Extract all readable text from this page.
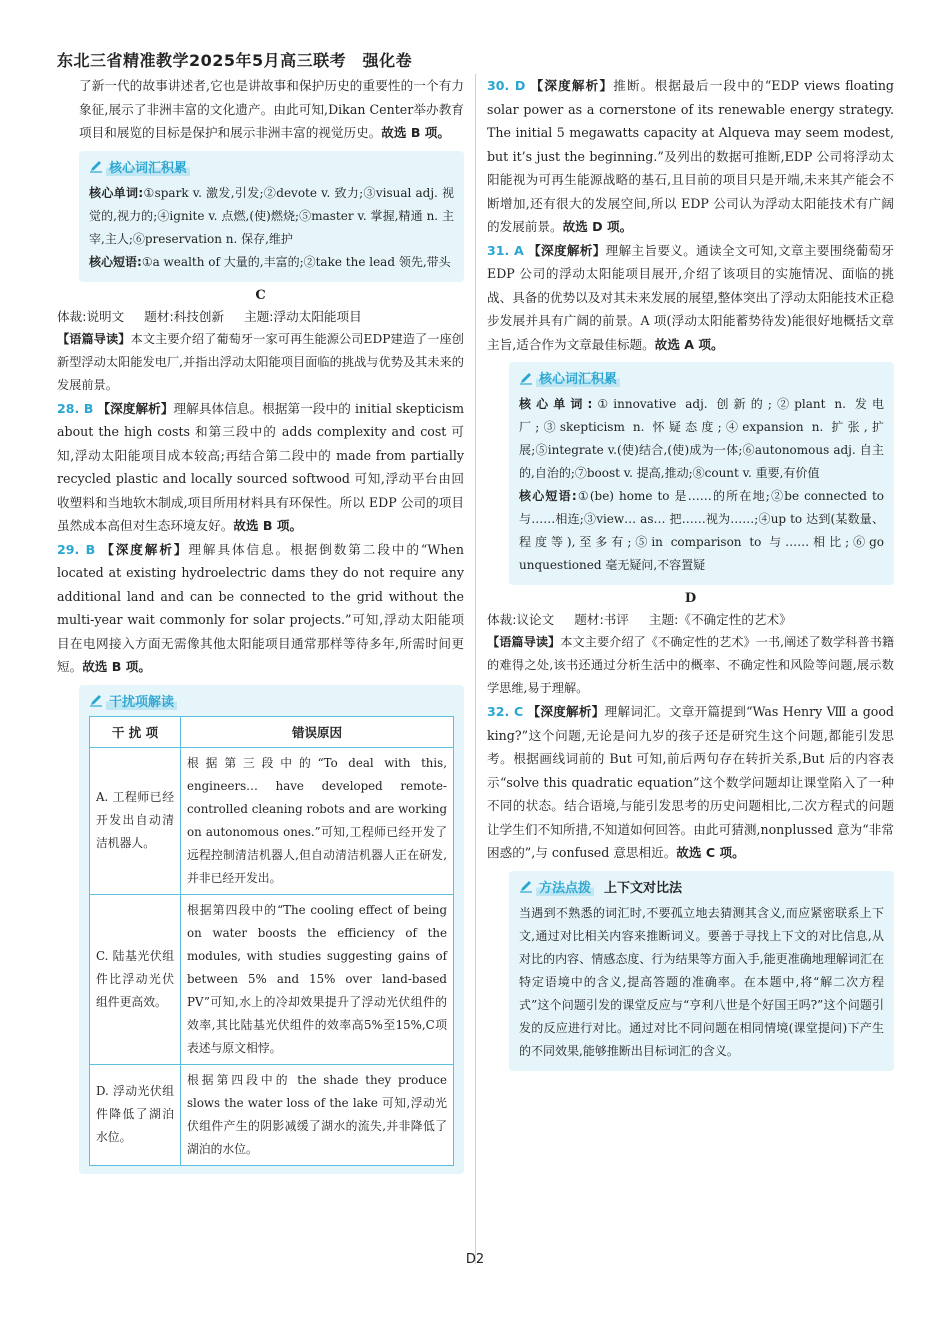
东北三省精准教学2025年5月高三联考　强化卷

了新一代的故事讲述者,它也是讲故事和保护历史的重要性的一个有力象征,展示了非洲丰富的文化遗产。由此可知,Dikan Center举办教育项目和展览的目标是保护和展示非洲丰富的视觉历史。故选 B 项。

核心词汇积累

核心单词:①spark v. 激发,引发;②devote v. 致力;③visual adj. 视觉的,视力的;④ignite v. 点燃,(使)燃烧;⑤master v. 掌握,精通 n. 主宰,主人;⑥preservation n. 保存,维护

核心短语:①a wealth of 大量的,丰富的;②take the lead 领先,带头

C

体裁:说明文 题材:科技创新 主题:浮动太阳能项目

【语篇导读】本文主要介绍了葡萄牙一家可再生能源公司EDP建造了一座创新型浮动太阳能发电厂,并指出浮动太阳能项目面临的挑战与优势及其未来的发展前景。

28. B 【深度解析】理解具体信息。根据第一段中的 initial skepticism about the high costs 和第三段中的 adds complexity and cost 可知,浮动太阳能项目成本较高;再结合第二段中的 made from partially recycled plastic and locally sourced softwood 可知,浮动平台由回收塑料和当地软木制成,项目所用材料具有环保性。所以 EDP 公司的项目虽然成本高但对生态环境友好。故选 B 项。

29. B 【深度解析】理解具体信息。根据倒数第二段中的“When located at existing hydroelectric dams they do not require any additional land and can be connected to the grid without the multi-year wait commonly for solar projects.”可知,浮动太阳能项目在电网接入方面无需像其他太阳能项目通常那样等待多年,所需时间更短。故选 B 项。

干扰项解读
干 扰 项	错误原因
A. 工程师已经开发出自动清洁机器人。	根据第三段中的“To deal with this, engineers… have developed remote-controlled cleaning robots and are working on autonomous ones.”可知,工程师已经开发了远程控制清洁机器人,但自动清洁机器人正在研发,并非已经开发出。
C. 陆基光伏组件比浮动光伏组件更高效。	根据第四段中的“The cooling effect of being on water boosts the efficiency of the modules, with studies suggesting gains of between 5% and 15% over land-based PV”可知,水上的冷却效果提升了浮动光伏组件的效率,其比陆基光伏组件的效率高5%至15%,C项表述与原文相悖。
D. 浮动光伏组件降低了湖泊水位。	根据第四段中的 the shade they produce slows the water loss of the lake 可知,浮动光伏组件产生的阴影减缓了湖水的流失,并非降低了湖泊的水位。

30. D 【深度解析】推断。根据最后一段中的“EDP views floating solar power as a cornerstone of its renewable energy strategy. The initial 5 megawatts capacity at Alqueva may seem modest, but it’s just the beginning.”及列出的数据可推断,EDP 公司将浮动太阳能视为可再生能源战略的基石,且目前的项目只是开端,未来其产能会不断增加,还有很大的发展空间,所以 EDP 公司认为浮动太阳能技术有广阔的发展前景。故选 D 项。

31. A 【深度解析】理解主旨要义。通读全文可知,文章主要围绕葡萄牙 EDP 公司的浮动太阳能项目展开,介绍了该项目的实施情况、面临的挑战、具备的优势以及对其未来发展的展望,整体突出了浮动太阳能技术正稳步发展并具有广阔的前景。A 项(浮动太阳能蓄势待发)能很好地概括文章主旨,适合作为文章最佳标题。故选 A 项。

核心词汇积累

核心单词:①innovative adj. 创新的;②plant n. 发电厂;③skepticism n. 怀疑态度;④expansion n. 扩张,扩展;⑤integrate v.(使)结合,(使)成为一体;⑥autonomous adj. 自主的,自治的;⑦boost v. 提高,推动;⑧count v. 重要,有价值

核心短语:①(be) home to 是……的所在地;②be connected to 与……相连;③view… as… 把……视为……;④up to 达到(某数量、程度等),至多有;⑤in comparison to 与……相比;⑥go unquestioned 毫无疑问,不容置疑

D

体裁:议论文 题材:书评 主题:《不确定性的艺术》

【语篇导读】本文主要介绍了《不确定性的艺术》一书,阐述了数学科普书籍的难得之处,该书还通过分析生活中的概率、不确定性和风险等问题,展示数学思维,易于理解。

32. C 【深度解析】理解词汇。文章开篇提到“Was Henry Ⅷ a good king?”这个问题,无论是问九岁的孩子还是研究生这个问题,都能引发思考。根据画线词前的 But 可知,前后两句存在转折关系,But 后的内容表示“solve this quadratic equation”这个数学问题却让课堂陷入了一种不同的状态。结合语境,与能引发思考的历史问题相比,二次方程式的问题让学生们不知所措,不知道如何回答。由此可猜测,nonplussed 意为“非常困惑的”,与 confused 意思相近。故选 C 项。

方法点拨 上下文对比法

当遇到不熟悉的词汇时,不要孤立地去猜测其含义,而应紧密联系上下文,通过对比相关内容来推断词义。要善于寻找上下文的对比信息,从对比的内容、情感态度、行为结果等方面入手,能更准确地理解词汇在特定语境中的含义,提高答题的准确率。在本题中,将“解二次方程式”这个问题引发的课堂反应与“亨利八世是个好国王吗?”这个问题引发的反应进行对比。通过对比不同问题在相同情境(课堂提问)下产生的不同效果,能够推断出目标词汇的含义。

D2
